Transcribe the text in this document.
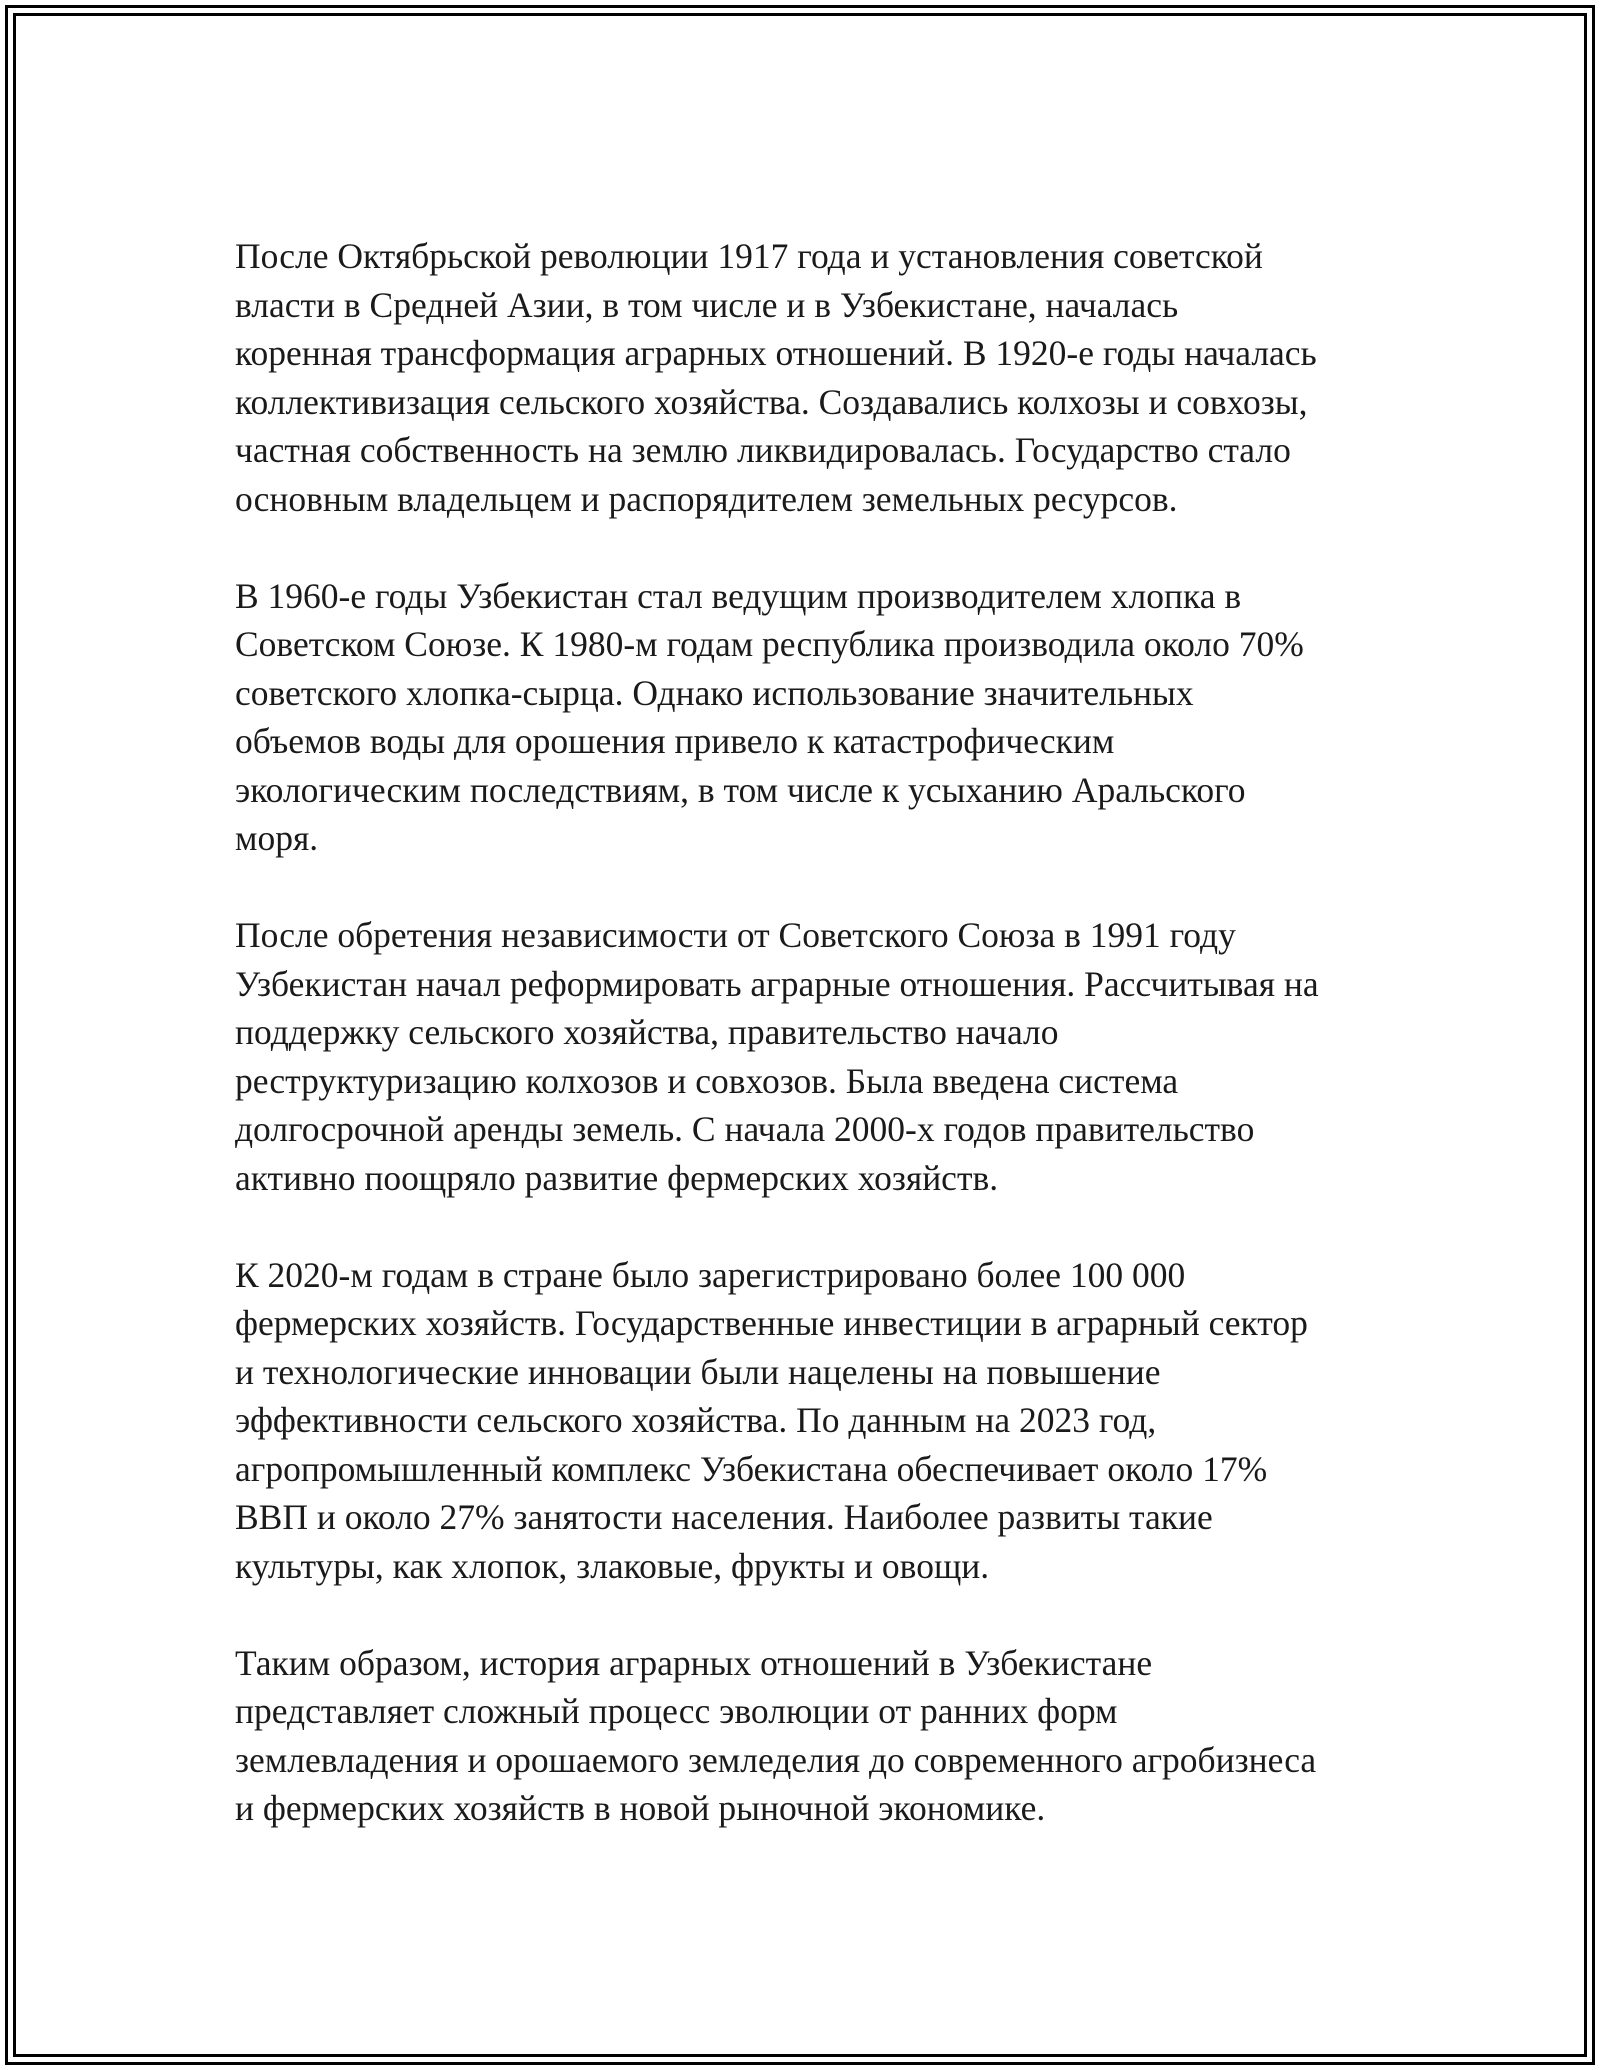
После Октябрьской революции 1917 года и установления советской
власти в Средней Азии, в том числе и в Узбекистане, началась
коренная трансформация аграрных отношений. В 1920-е годы началась
коллективизация сельского хозяйства. Создавались колхозы и совхозы,
частная собственность на землю ликвидировалась. Государство стало
основным владельцем и распорядителем земельных ресурсов.

В 1960-е годы Узбекистан стал ведущим производителем хлопка в
Советском Союзе. К 1980-м годам республика производила около 70%
советского хлопка-сырца. Однако использование значительных
объемов воды для орошения привело к катастрофическим
экологическим последствиям, в том числе к усыханию Аральского
моря.

После обретения независимости от Советского Союза в 1991 году
Узбекистан начал реформировать аграрные отношения. Рассчитывая на
поддержку сельского хозяйства, правительство начало
реструктуризацию колхозов и совхозов. Была введена система
долгосрочной аренды земель. С начала 2000-х годов правительство
активно поощряло развитие фермерских хозяйств.

К 2020-м годам в стране было зарегистрировано более 100 000
фермерских хозяйств. Государственные инвестиции в аграрный сектор
и технологические инновации были нацелены на повышение
эффективности сельского хозяйства. По данным на 2023 год,
агропромышленный комплекс Узбекистана обеспечивает около 17%
ВВП и около 27% занятости населения. Наиболее развиты такие
культуры, как хлопок, злаковые, фрукты и овощи.

Таким образом, история аграрных отношений в Узбекистане
представляет сложный процесс эволюции от ранних форм
землевладения и орошаемого земледелия до современного агробизнеса
и фермерских хозяйств в новой рыночной экономике.
